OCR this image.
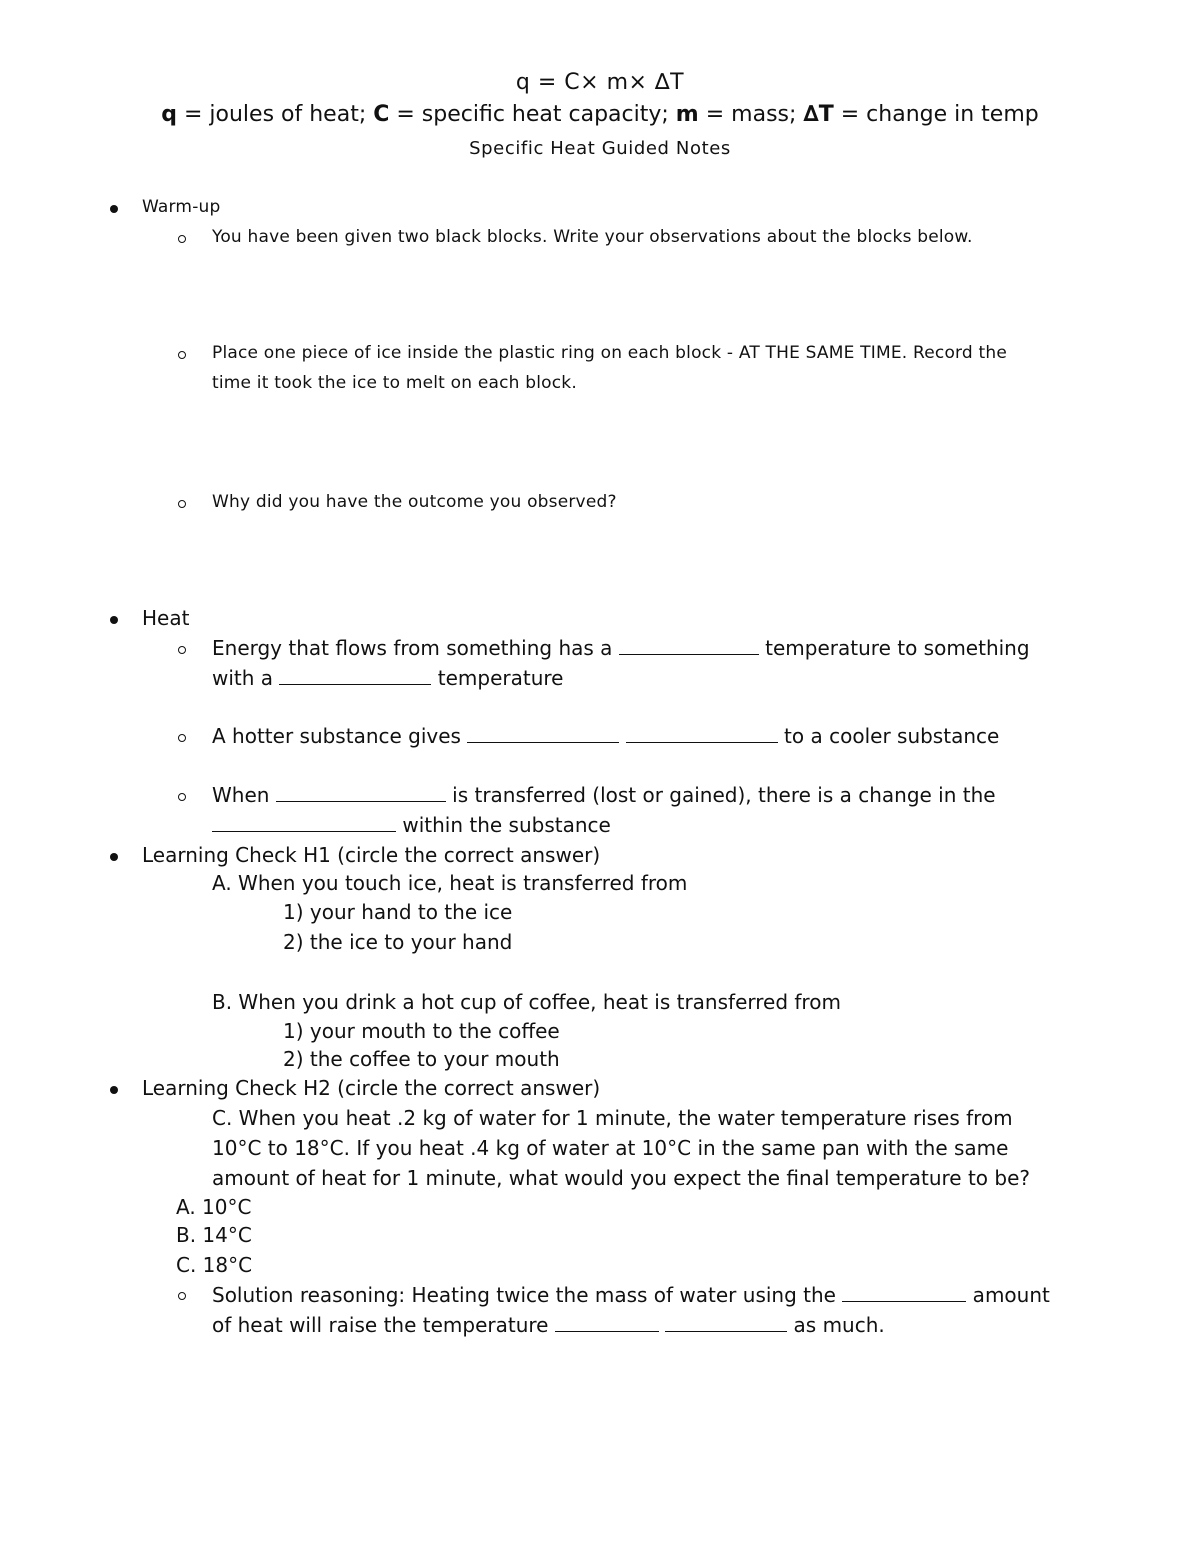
q = C× m× ∆T
q = joules of heat; C = specific heat capacity; m = mass; ∆T = change in temp
Specific Heat Guided Notes
Warm-up
You have been given two black blocks. Write your observations about the blocks below.
Place one piece of ice inside the plastic ring on each block - AT THE SAME TIME. Record the
time it took the ice to melt on each block.
Why did you have the outcome you observed?
Heat
Energy that flows from something has a	temperature to something
with a	temperature
A hotter substance gives	to a cooler substance
When	is transferred (lost or gained), there is a change in the
within the substance
Learning Check H1 (circle the correct answer)
A. When you touch ice, heat is transferred from
1) your hand to the ice
2) the ice to your hand
B. When you drink a hot cup of coffee, heat is transferred from
1) your mouth to the coffee
2) the coffee to your mouth
Learning Check H2 (circle the correct answer)
C. When you heat .2 kg of water for 1 minute, the water temperature rises from
10°C to 18°C. If you heat .4 kg of water at 10°C in the same pan with the same
amount of heat for 1 minute, what would you expect the final temperature to be?
A. 10°C
B. 14°C
C. 18°C
Solution reasoning: Heating twice the mass of water using the	amount
of heat will raise the temperature	as much.
